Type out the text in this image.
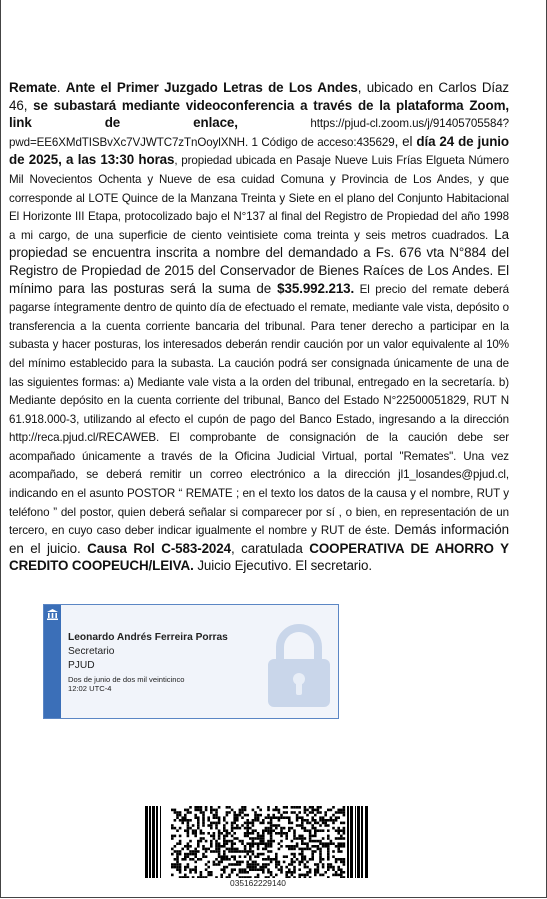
Remate. Ante el Primer Juzgado Letras de Los Andes, ubicado en Carlos Díaz 46, se subastará mediante videoconferencia a través de la plataforma Zoom, link de enlace, https://pjud-cl.zoom.us/j/91405705584?pwd=EE6XMdTISBvXc7VJWTC7zTnOoylXNH. 1 Código de acceso:435629, el día 24 de junio de 2025, a las 13:30 horas, propiedad ubicada en Pasaje Nueve Luis Frías Elgueta Número Mil Novecientos Ochenta y Nueve de esa cuidad Comuna y Provincia de Los Andes, y que corresponde al LOTE Quince de la Manzana Treinta y Siete en el plano del Conjunto Habitacional El Horizonte III Etapa, protocolizado bajo el N°137 al final del Registro de Propiedad del año 1998 a mi cargo, de una superficie de ciento veintisiete coma treinta y seis metros cuadrados. La propiedad se encuentra inscrita a nombre del demandado a Fs. 676 vta N°884 del Registro de Propiedad de 2015 del Conservador de Bienes Raíces de Los Andes. El mínimo para las posturas será la suma de $35.992.213. El precio del remate deberá pagarse íntegramente dentro de quinto día de efectuado el remate, mediante vale vista, depósito o transferencia a la cuenta corriente bancaria del tribunal. Para tener derecho a participar en la subasta y hacer posturas, los interesados deberán rendir caución por un valor equivalente al 10% del mínimo establecido para la subasta. La caución podrá ser consignada únicamente de una de las siguientes formas: a) Mediante vale vista a la orden del tribunal, entregado en la secretaría. b) Mediante depósito en la cuenta corriente del tribunal, Banco del Estado N°22500051829, RUT N 61.918.000-3, utilizando al efecto el cupón de pago del Banco Estado, ingresando a la dirección http://reca.pjud.cl/RECAWEB. El comprobante de consignación de la caución debe ser acompañado únicamente a través de la Oficina Judicial Virtual, portal "Remates". Una vez acompañado, se deberá remitir un correo electrónico a la dirección jl1_losandes@pjud.cl, indicando en el asunto POSTOR “ REMATE ; en el texto los datos de la causa y el nombre, RUT y teléfono ” del postor, quien deberá señalar si comparecer por sí , o bien, en representación de un tercero, en cuyo caso deber indicar igualmente el nombre y RUT de éste. Demás información en el juicio. Causa Rol C-583-2024, caratulada COOPERATIVA DE AHORRO Y CREDITO COOPEUCH/LEIVA. Juicio Ejecutivo. El secretario.
Leonardo Andrés Ferreira Porras
Secretario
PJUD
Dos de junio de dos mil veinticinco
12:02 UTC-4
035162229140
